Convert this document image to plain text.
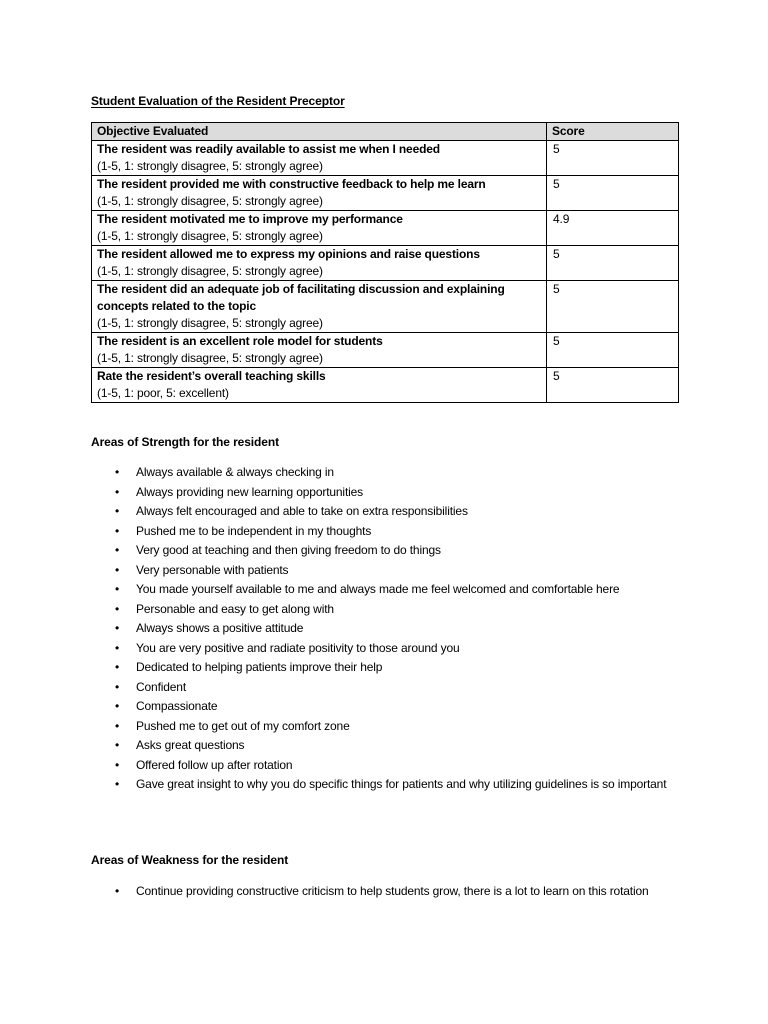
Student Evaluation of the Resident Preceptor
Objective Evaluated	Score

The resident was readily available to assist me when I needed
(1-5, 1: strongly disagree, 5: strongly agree)	5

The resident provided me with constructive feedback to help me learn
(1-5, 1: strongly disagree, 5: strongly agree)	5

The resident motivated me to improve my performance
(1-5, 1: strongly disagree, 5: strongly agree)	4.9

The resident allowed me to express my opinions and raise questions
(1-5, 1: strongly disagree, 5: strongly agree)	5

The resident did an adequate job of facilitating discussion and explaining concepts related to the topic
(1-5, 1: strongly disagree, 5: strongly agree)	5

The resident is an excellent role model for students
(1-5, 1: strongly disagree, 5: strongly agree)	5

Rate the resident’s overall teaching skills
(1-5, 1: poor, 5: excellent)	5
Areas of Strength for the resident
• Always available & always checking in
• Always providing new learning opportunities
• Always felt encouraged and able to take on extra responsibilities
• Pushed me to be independent in my thoughts
• Very good at teaching and then giving freedom to do things
• Very personable with patients
• You made yourself available to me and always made me feel welcomed and comfortable here
• Personable and easy to get along with
• Always shows a positive attitude
• You are very positive and radiate positivity to those around you
• Dedicated to helping patients improve their help
• Confident
• Compassionate
• Pushed me to get out of my comfort zone
• Asks great questions
• Offered follow up after rotation
• Gave great insight to why you do specific things for patients and why utilizing guidelines is so important
Areas of Weakness for the resident
• Continue providing constructive criticism to help students grow, there is a lot to learn on this rotation
